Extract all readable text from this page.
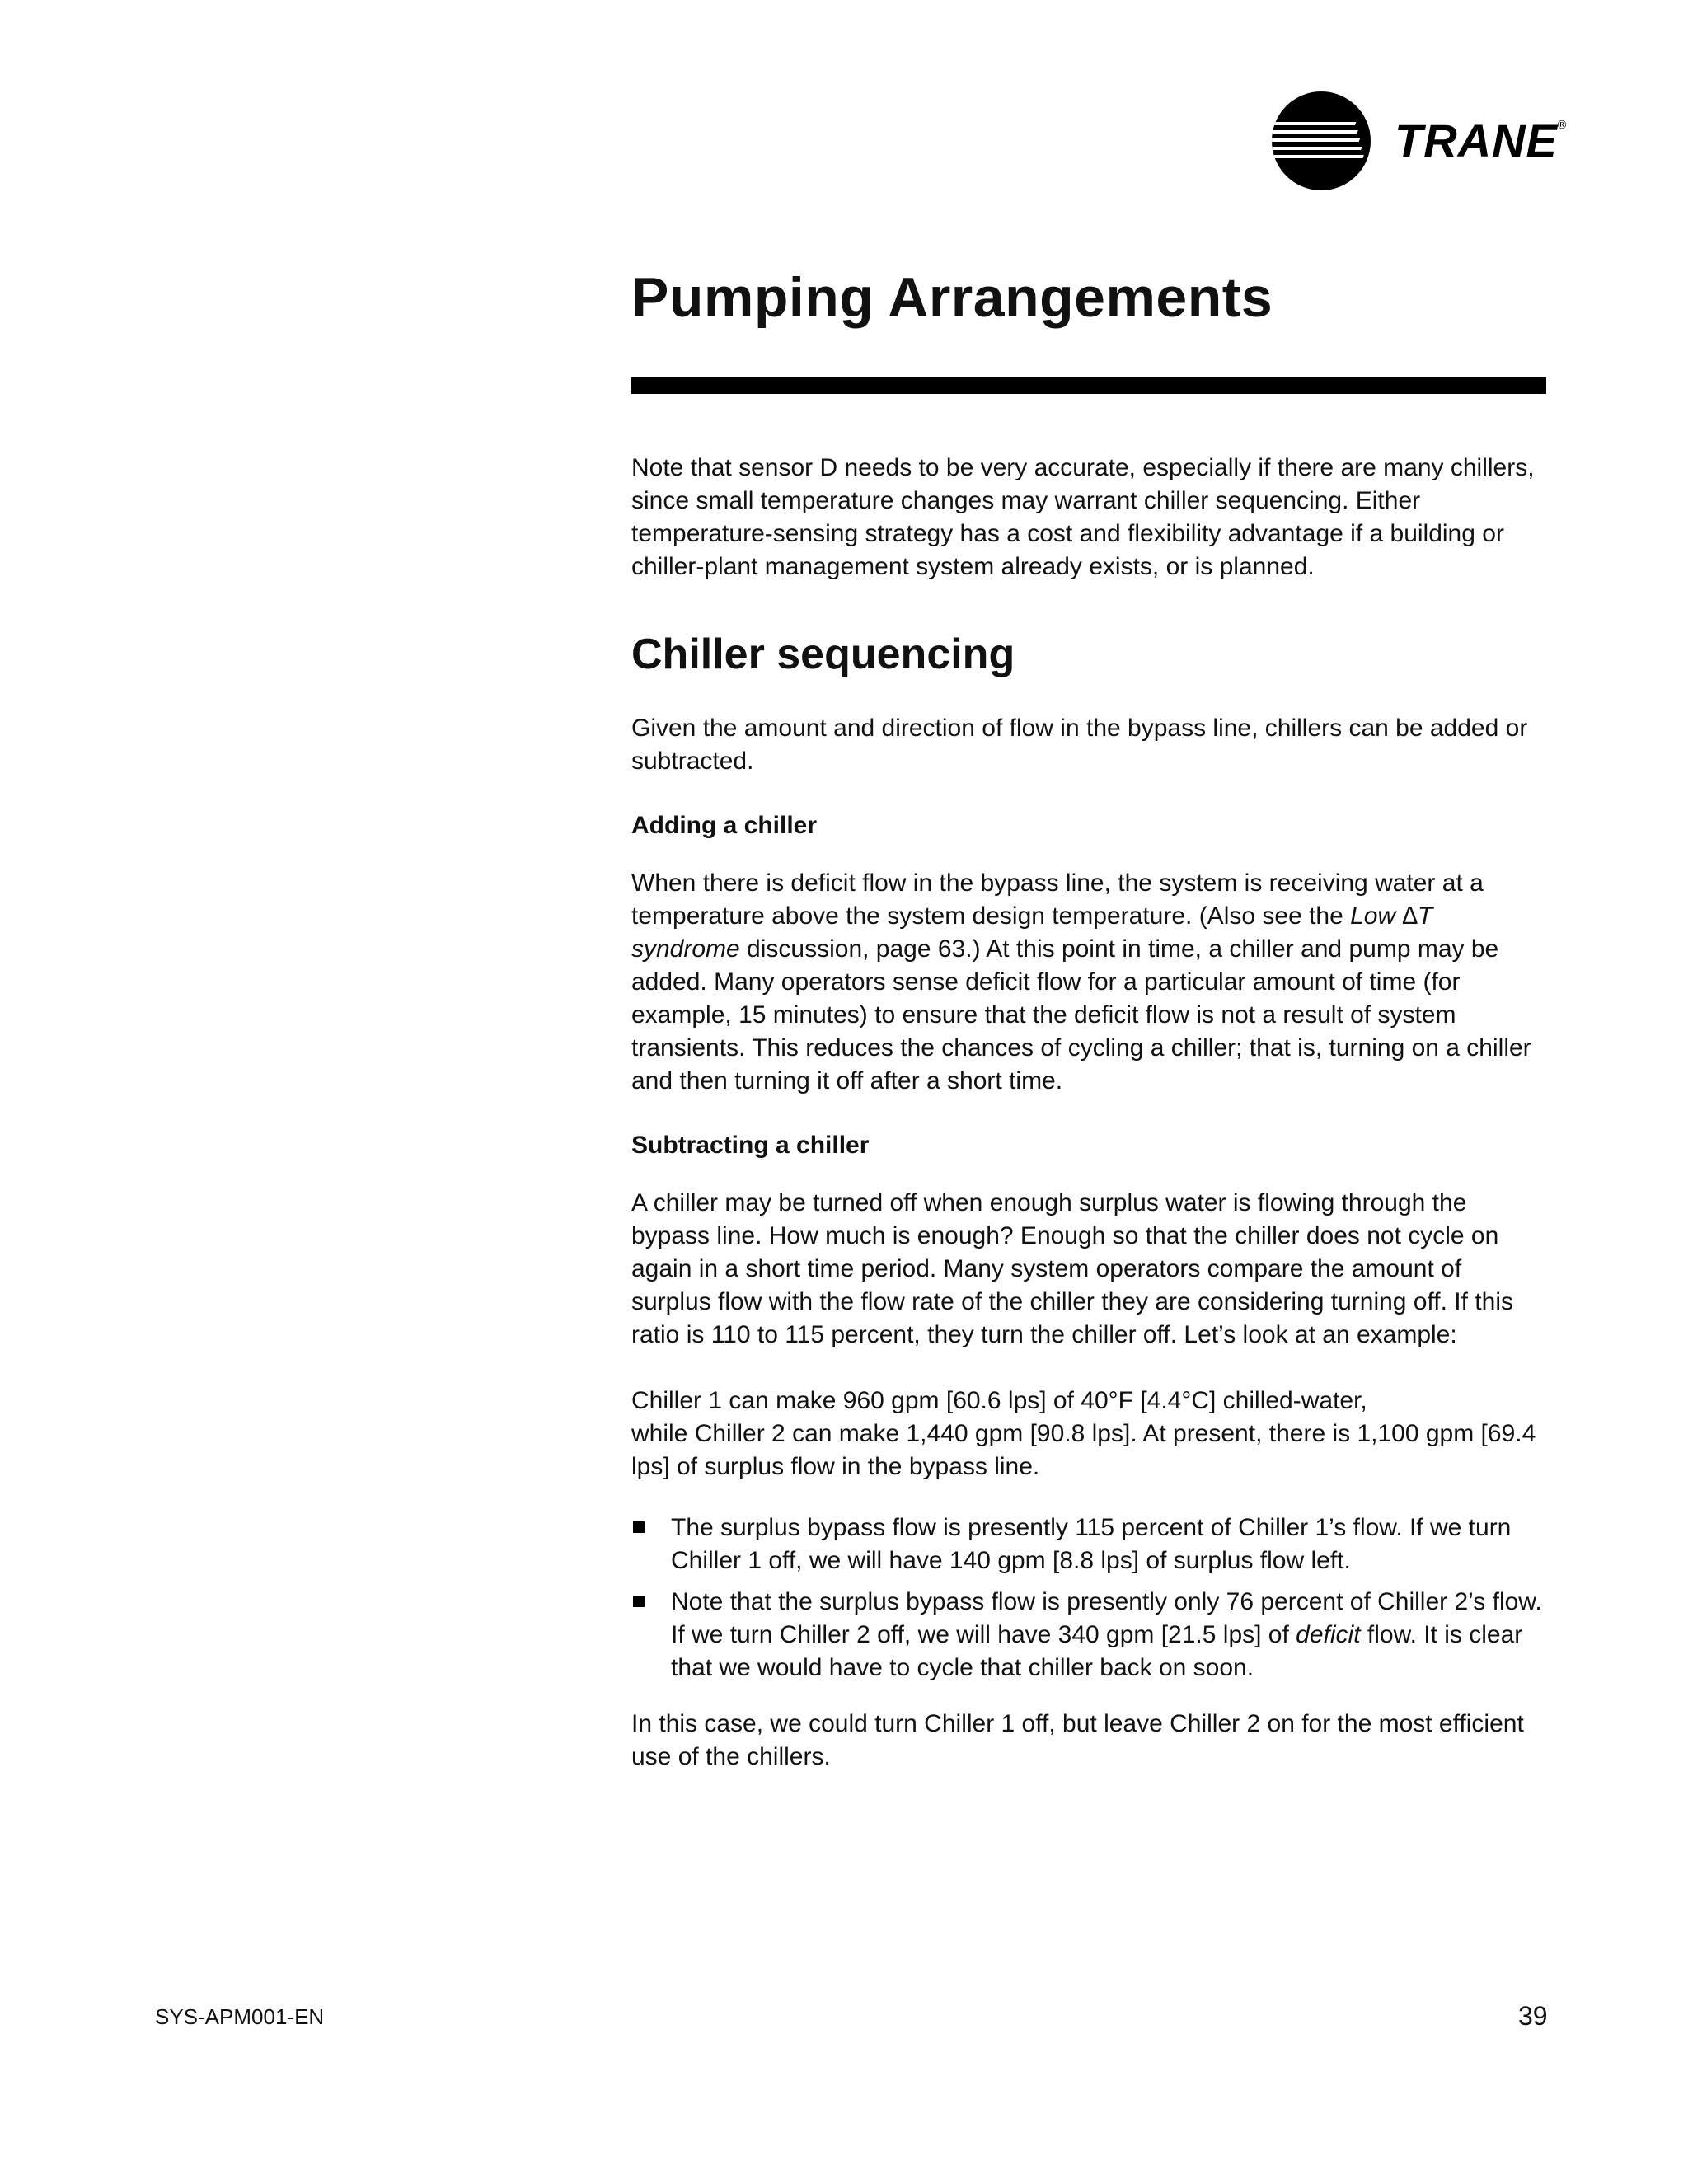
TRANE
®
Pumping Arrangements

Note that sensor D needs to be very accurate, especially if there are many chillers, since small temperature changes may warrant chiller sequencing. Either temperature-sensing strategy has a cost and flexibility advantage if a building or chiller-plant management system already exists, or is planned.

Chiller sequencing

Given the amount and direction of flow in the bypass line, chillers can be added or subtracted.

Adding a chiller

When there is deficit flow in the bypass line, the system is receiving water at a temperature above the system design temperature. (Also see the Low ∆T syndrome discussion, page 63.) At this point in time, a chiller and pump may be added. Many operators sense deficit flow for a particular amount of time (for example, 15 minutes) to ensure that the deficit flow is not a result of system transients. This reduces the chances of cycling a chiller; that is, turning on a chiller and then turning it off after a short time.

Subtracting a chiller

A chiller may be turned off when enough surplus water is flowing through the bypass line. How much is enough? Enough so that the chiller does not cycle on again in a short time period. Many system operators compare the amount of surplus flow with the flow rate of the chiller they are considering turning off. If this ratio is 110 to 115 percent, they turn the chiller off. Let’s look at an example:

Chiller 1 can make 960 gpm [60.6 lps] of 40°F [4.4°C] chilled-water,
while Chiller 2 can make 1,440 gpm [90.8 lps]. At present, there is 1,100 gpm [69.4 lps] of surplus flow in the bypass line.

The surplus bypass flow is presently 115 percent of Chiller 1’s flow. If we turn Chiller 1 off, we will have 140 gpm [8.8 lps] of surplus flow left.
Note that the surplus bypass flow is presently only 76 percent of Chiller 2’s flow. If we turn Chiller 2 off, we will have 340 gpm [21.5 lps] of deficit flow. It is clear that we would have to cycle that chiller back on soon.

In this case, we could turn Chiller 1 off, but leave Chiller 2 on for the most efficient use of the chillers.

SYS-APM001-EN	39
